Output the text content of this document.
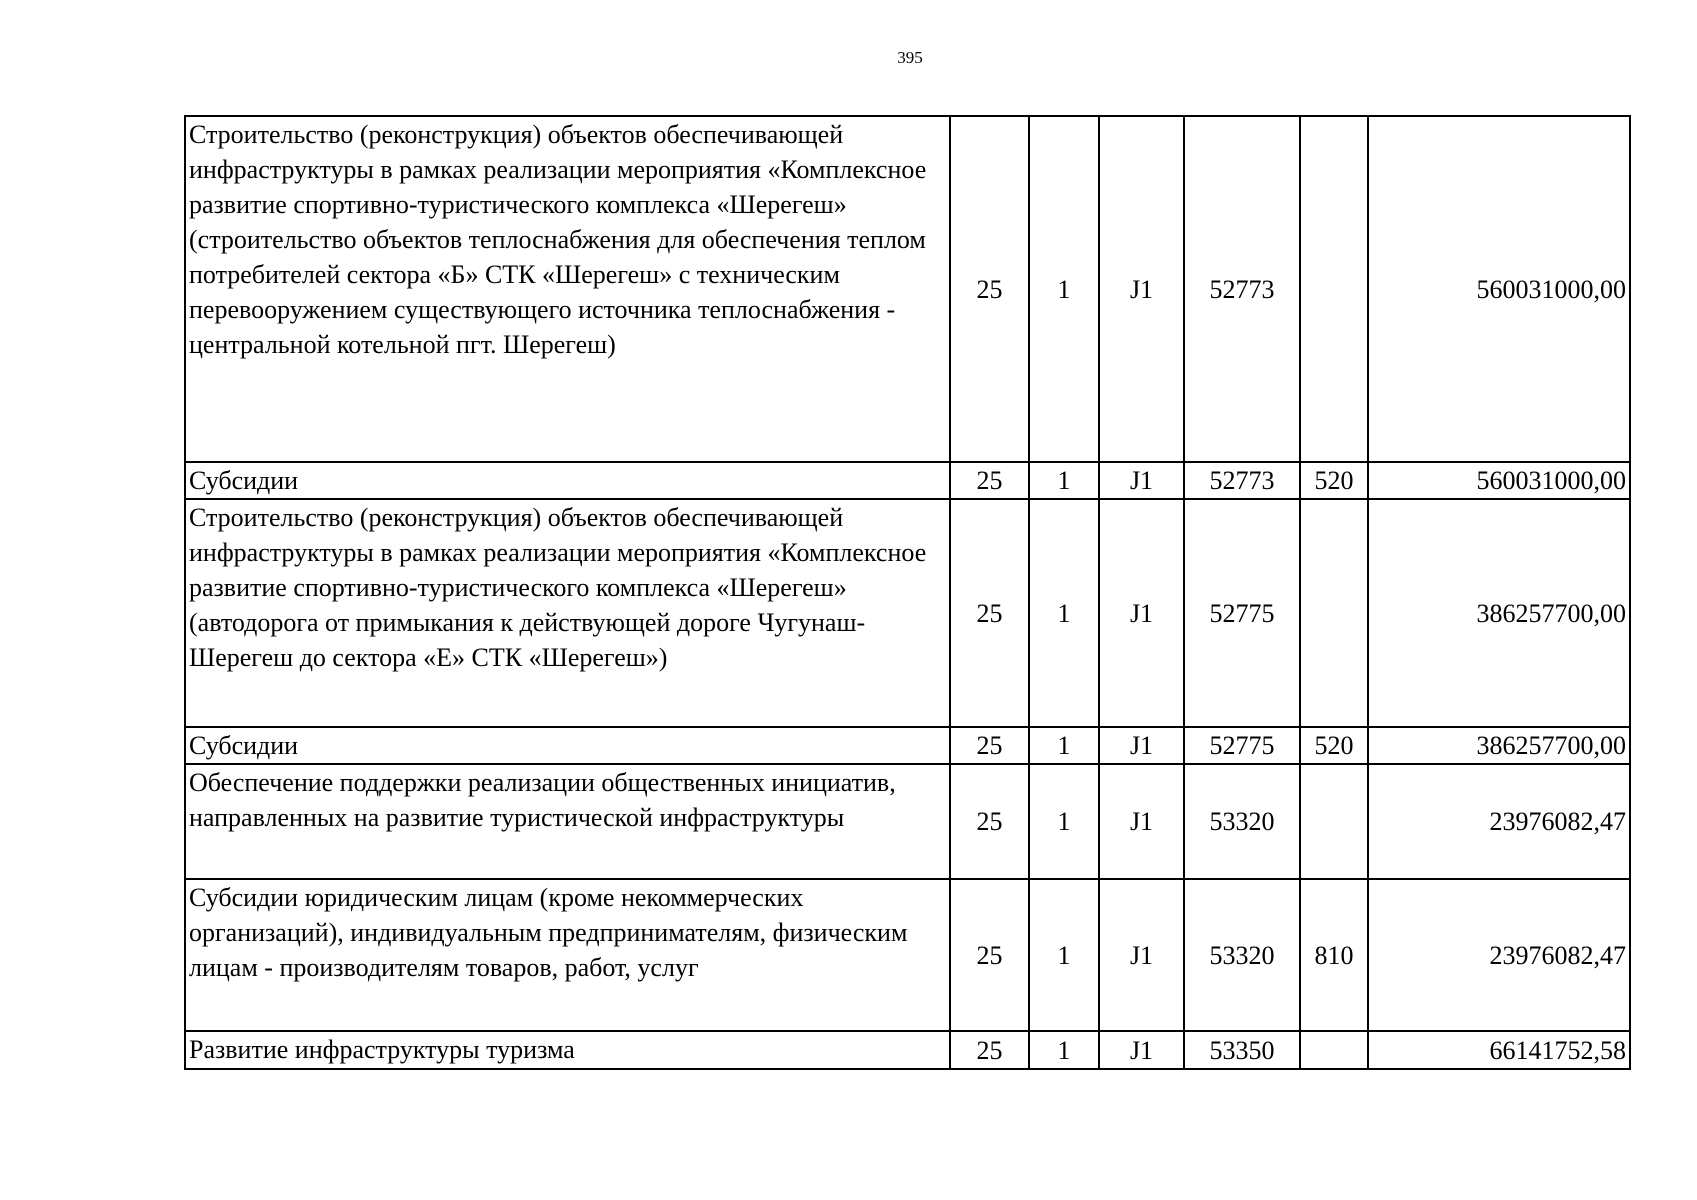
395
Строительство (реконструкция) объектов обеспечивающей инфраструктуры в рамках реализации мероприятия «Комплексное развитие спортивно-туристического комплекса «Шерегеш» (строительство объектов теплоснабжения для обеспечения теплом потребителей сектора «Б» СТК «Шерегеш» с техническим перевооружением существующего источника теплоснабжения - центральной котельной пгт. Шерегеш)	25	1	J1	52773		560031000,00
Субсидии	25	1	J1	52773	520	560031000,00
Строительство (реконструкция) объектов обеспечивающей инфраструктуры в рамках реализации мероприятия «Комплексное развитие спортивно-туристического комплекса «Шерегеш» (автодорога от примыкания к действующей дороге Чугунаш-Шерегеш до сектора «Е» СТК «Шерегеш»)	25	1	J1	52775		386257700,00
Субсидии	25	1	J1	52775	520	386257700,00
Обеспечение поддержки реализации общественных инициатив, направленных на развитие туристической инфраструктуры	25	1	J1	53320		23976082,47
Субсидии юридическим лицам (кроме некоммерческих организаций), индивидуальным предпринимателям, физическим лицам - производителям товаров, работ, услуг	25	1	J1	53320	810	23976082,47
Развитие инфраструктуры туризма	25	1	J1	53350		66141752,58
